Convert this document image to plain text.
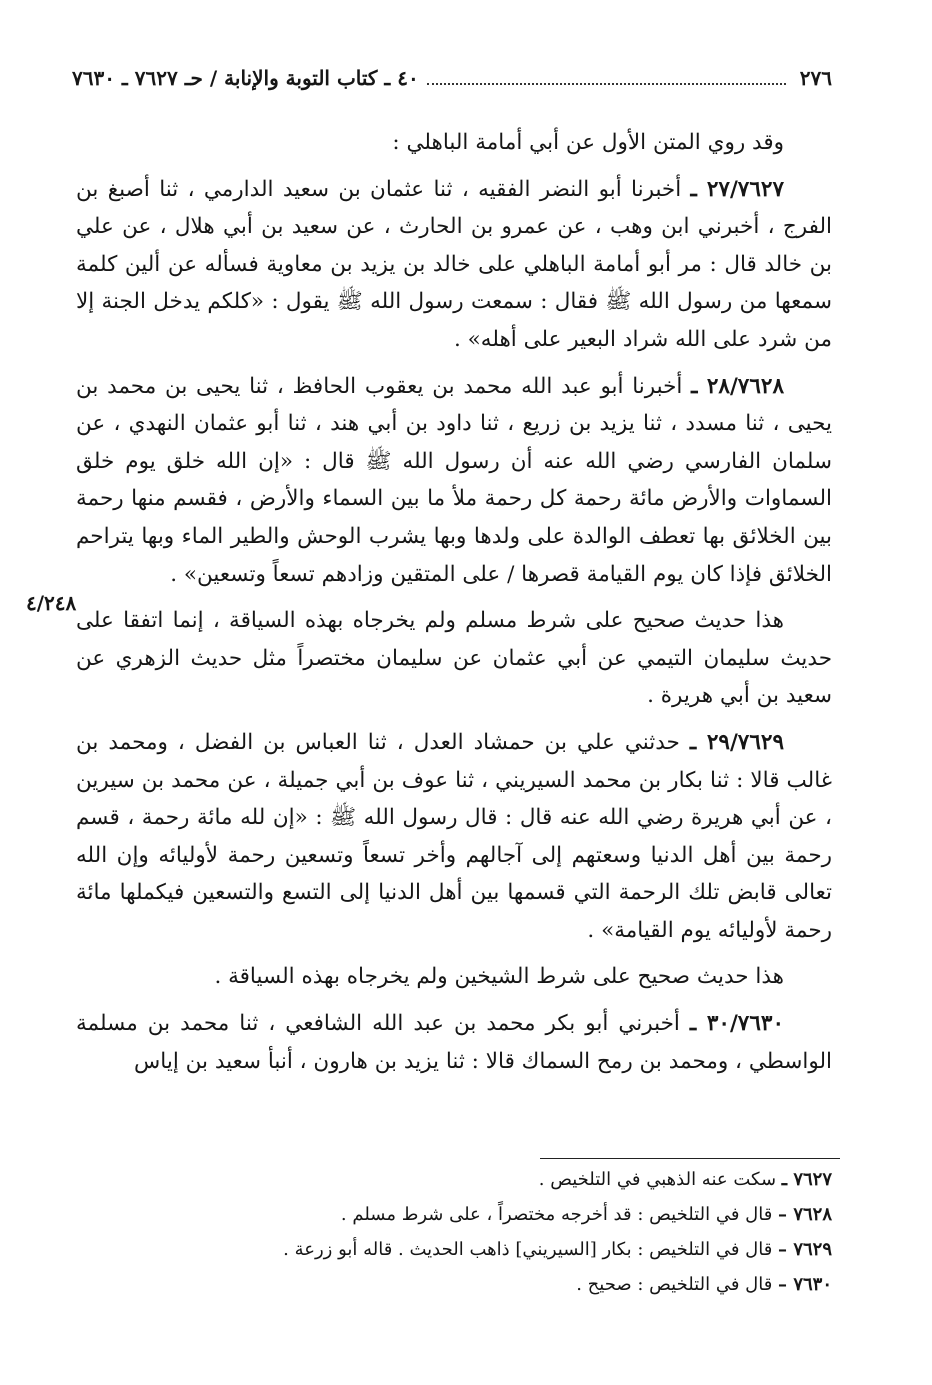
٢٧٦
٤٠ ـ كتاب التوبة والإنابة / حـ ٧٦٢٧ ـ ٧٦٣٠

وقد روي المتن الأول عن أبي أمامة الباهلي :

٢٧/٧٦٢٧ ـ أخبرنا أبو النضر الفقيه ، ثنا عثمان بن سعيد الدارمي ، ثنا أصبغ بن الفرج ، أخبرني ابن وهب ، عن عمرو بن الحارث ، عن سعيد بن أبي هلال ، عن علي بن خالد قال : مر أبو أمامة الباهلي على خالد بن يزيد بن معاوية فسأله عن ألين كلمة سمعها من رسول الله ﷺ فقال : سمعت رسول الله ﷺ يقول : «كلكم يدخل الجنة إلا من شرد على الله شراد البعير على أهله» .

٢٨/٧٦٢٨ ـ أخبرنا أبو عبد الله محمد بن يعقوب الحافظ ، ثنا يحيى بن محمد بن يحيى ، ثنا مسدد ، ثنا يزيد بن زريع ، ثنا داود بن أبي هند ، ثنا أبو عثمان النهدي ، عن سلمان الفارسي رضي الله عنه أن رسول الله ﷺ قال : «إن الله خلق يوم خلق السماوات والأرض مائة رحمة كل رحمة ملأ ما بين السماء والأرض ، فقسم منها رحمة بين الخلائق بها تعطف الوالدة على ولدها وبها يشرب الوحش والطير الماء وبها يتراحم الخلائق فإذا كان يوم القيامة قصرها / على المتقين وزادهم تسعاً وتسعين» .

هذا حديث صحيح على شرط مسلم ولم يخرجاه بهذه السياقة ، إنما اتفقا على حديث سليمان التيمي عن أبي عثمان عن سليمان مختصراً مثل حديث الزهري عن سعيد بن أبي هريرة .

٢٩/٧٦٢٩ ـ حدثني علي بن حمشاد العدل ، ثنا العباس بن الفضل ، ومحمد بن غالب قالا : ثنا بكار بن محمد السيريني ، ثنا عوف بن أبي جميلة ، عن محمد بن سيرين ، عن أبي هريرة رضي الله عنه قال : قال رسول الله ﷺ : «إن لله مائة رحمة ، قسم رحمة بين أهل الدنيا وسعتهم إلى آجالهم وأخر تسعاً وتسعين رحمة لأوليائه وإن الله تعالى قابض تلك الرحمة التي قسمها بين أهل الدنيا إلى التسع والتسعين فيكملها مائة رحمة لأوليائه يوم القيامة» .

هذا حديث صحيح على شرط الشيخين ولم يخرجاه بهذه السياقة .

٣٠/٧٦٣٠ ـ أخبرني أبو بكر محمد بن عبد الله الشافعي ، ثنا محمد بن مسلمة الواسطي ، ومحمد بن رمح السماك قالا : ثنا يزيد بن هارون ، أنبأ سعيد بن إياس

٤/٢٤٨

٧٦٢٧ ـ سكت عنه الذهبي في التلخيص .

٧٦٢٨ – قال في التلخيص : قد أخرجه مختصراً ، على شرط مسلم .

٧٦٢٩ – قال في التلخيص : بكار [السيريني] ذاهب الحديث . قاله أبو زرعة .

٧٦٣٠ – قال في التلخيص : صحيح .
